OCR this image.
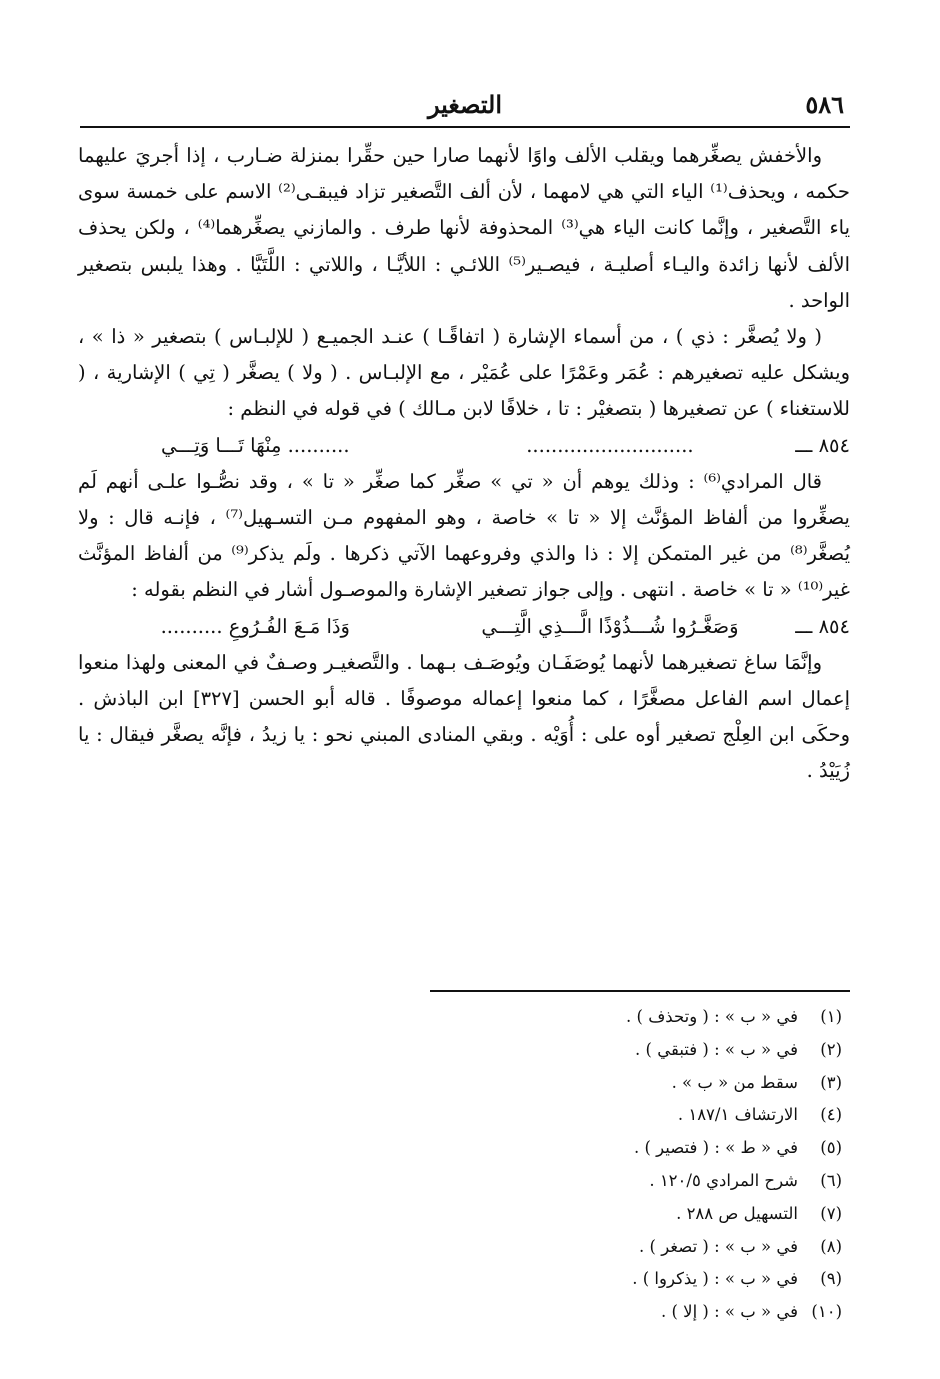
التصغير	٥٨٦

والأخفش يصغِّرهما ويقلب الألف واوًا لأنهما صارا حين حقِّرا بمنزلة ضـارب ، إذا أجريَ عليهما حكمه ، ويحذف⁽¹⁾ الياء التي هي لامهما ، لأن ألف التَّصغير تزاد فيبقـى⁽²⁾ الاسم على خمسة سوى ياء التَّصغير ، وإنَّما كانت الياء هي⁽³⁾ المحذوفة لأنها طرف . والمازني يصغِّرهما⁽⁴⁾ ، ولكن يحذف الألف لأنها زائدة واليـاء أصليـة ، فيصـير⁽⁵⁾ اللائـي : اللأيَّـا ، واللاتي : اللَّتَيَّا . وهذا يلبس بتصغير الواحد .

( ولا يُصغَّر : ذي ) ، من أسماء الإشارة ( اتفاقًـا ) عنـد الجميـع ( للإلبـاس ) بتصغير « ذا » ، ويشكل عليه تصغيرهم : عُمَر وعَمْرًا على عُمَيْر ، مع الإلبـاس . ( ولا ) يصغَّر ( تِي ) الإشارية ، ( للاستغناء ) عن تصغيرها ( بتصغيْر : تا ، خلافًا لابن مـالك ) في قوله في النظم :

٨٥٤ ـــ
...........................
.......... مِنْهَا تَـــا وَتِـــي

قال المرادي⁽⁶⁾ : وذلك يوهم أن « تي » صغِّر كما صغِّر « تا » ، وقد نصُّـوا علـى أنهم لَم يصغِّروا من ألفاظ المؤنَّث إلا « تا » خاصة ، وهو المفهوم مـن التسـهيل⁽⁷⁾ ، فإنـه قال : ولا يُصغَّر⁽⁸⁾ من غير المتمكن إلا : ذا والذي وفروعهما الآتي ذكرها . ولَم يذكر⁽⁹⁾ من ألفاظ المؤنَّث غير⁽¹⁰⁾ « تا » خاصة . انتهى . وإلى جواز تصغير الإشارة والموصـول أشار في النظم بقوله :

٨٥٤ ـــ
وَصَغَّـرُوا شُـــذُوْذًا الَّـــذِي الَّتِـــي
وَذَا مَـعَ الفُـرُوعِ ..........

وإنَّمَا ساغ تصغيرهما لأنهما يُوصَفَـان ويُوصَـف بـهما . والتَّصغيـر وصـفٌ في المعنى ولهذا منعوا إعمال اسم الفاعل مصغَّرًا ، كما منعوا إعماله موصوفًا . قاله أبو الحسن [٣٢٧] ابن الباذش . وحكَى ابن العِلْج تصغير أوه على : أُوَيْه . وبقي المنادى المبني نحو : يا زيدُ ، فإنَّه يصغَّر فيقال : يا زُيَيْدُ .

(١)
في « ب » : ( وتحذف ) .
(٢)
في « ب » : ( فتبقي ) .
(٣)
سقط من « ب » .
(٤)
الارتشاف ١٨٧/١ .
(٥)
في « ط » : ( فتصير ) .
(٦)
شرح المرادي ١٢٠/٥ .
(٧)
التسهيل ص ٢٨٨ .
(٨)
في « ب » : ( تصغر ) .
(٩)
في « ب » : ( يذكروا ) .
(١٠)
في « ب » : ( إلا ) .
